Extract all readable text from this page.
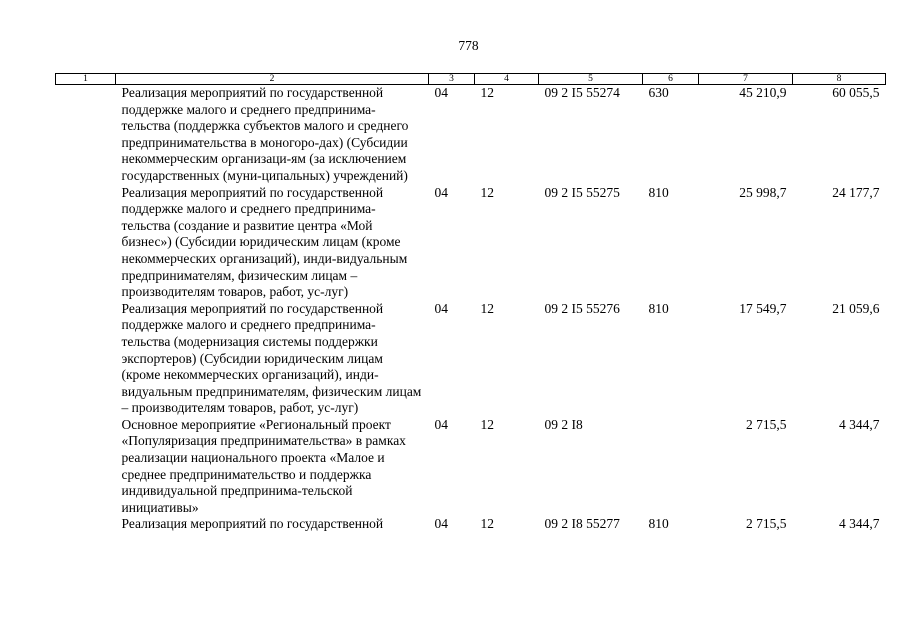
778
1	2	3	4	5	6	7	8
	Реализация мероприятий по государственной поддержке малого и среднего предпринима-тельства (поддержка субъектов малого и среднего предпринимательства в моногоро-дах) (Субсидии некоммерческим организаци-ям (за исключением государственных (муни-ципальных) учреждений)	04	12	09 2 I5 55274	630	45 210,9	60 055,5
	Реализация мероприятий по государственной поддержке малого и среднего предпринима-тельства (создание и развитие центра «Мой бизнес») (Субсидии юридическим лицам (кроме некоммерческих организаций), инди-видуальным предпринимателям, физическим лицам – производителям товаров, работ, ус-луг)	04	12	09 2 I5 55275	810	25 998,7	24 177,7
	Реализация мероприятий по государственной поддержке малого и среднего предпринима-тельства (модернизация системы поддержки экспортеров) (Субсидии юридическим лицам (кроме некоммерческих организаций), инди-видуальным предпринимателям, физическим лицам – производителям товаров, работ, ус-луг)	04	12	09 2 I5 55276	810	17 549,7	21 059,6
	Основное мероприятие «Региональный проект «Популяризация предпринимательства» в рамках реализации национального проекта «Малое и среднее предпринимательство и поддержка индивидуальной предпринима-тельской инициативы»	04	12	09 2 I8		2 715,5	4 344,7
	Реализация мероприятий по государственной	04	12	09 2 I8 55277	810	2 715,5	4 344,7
